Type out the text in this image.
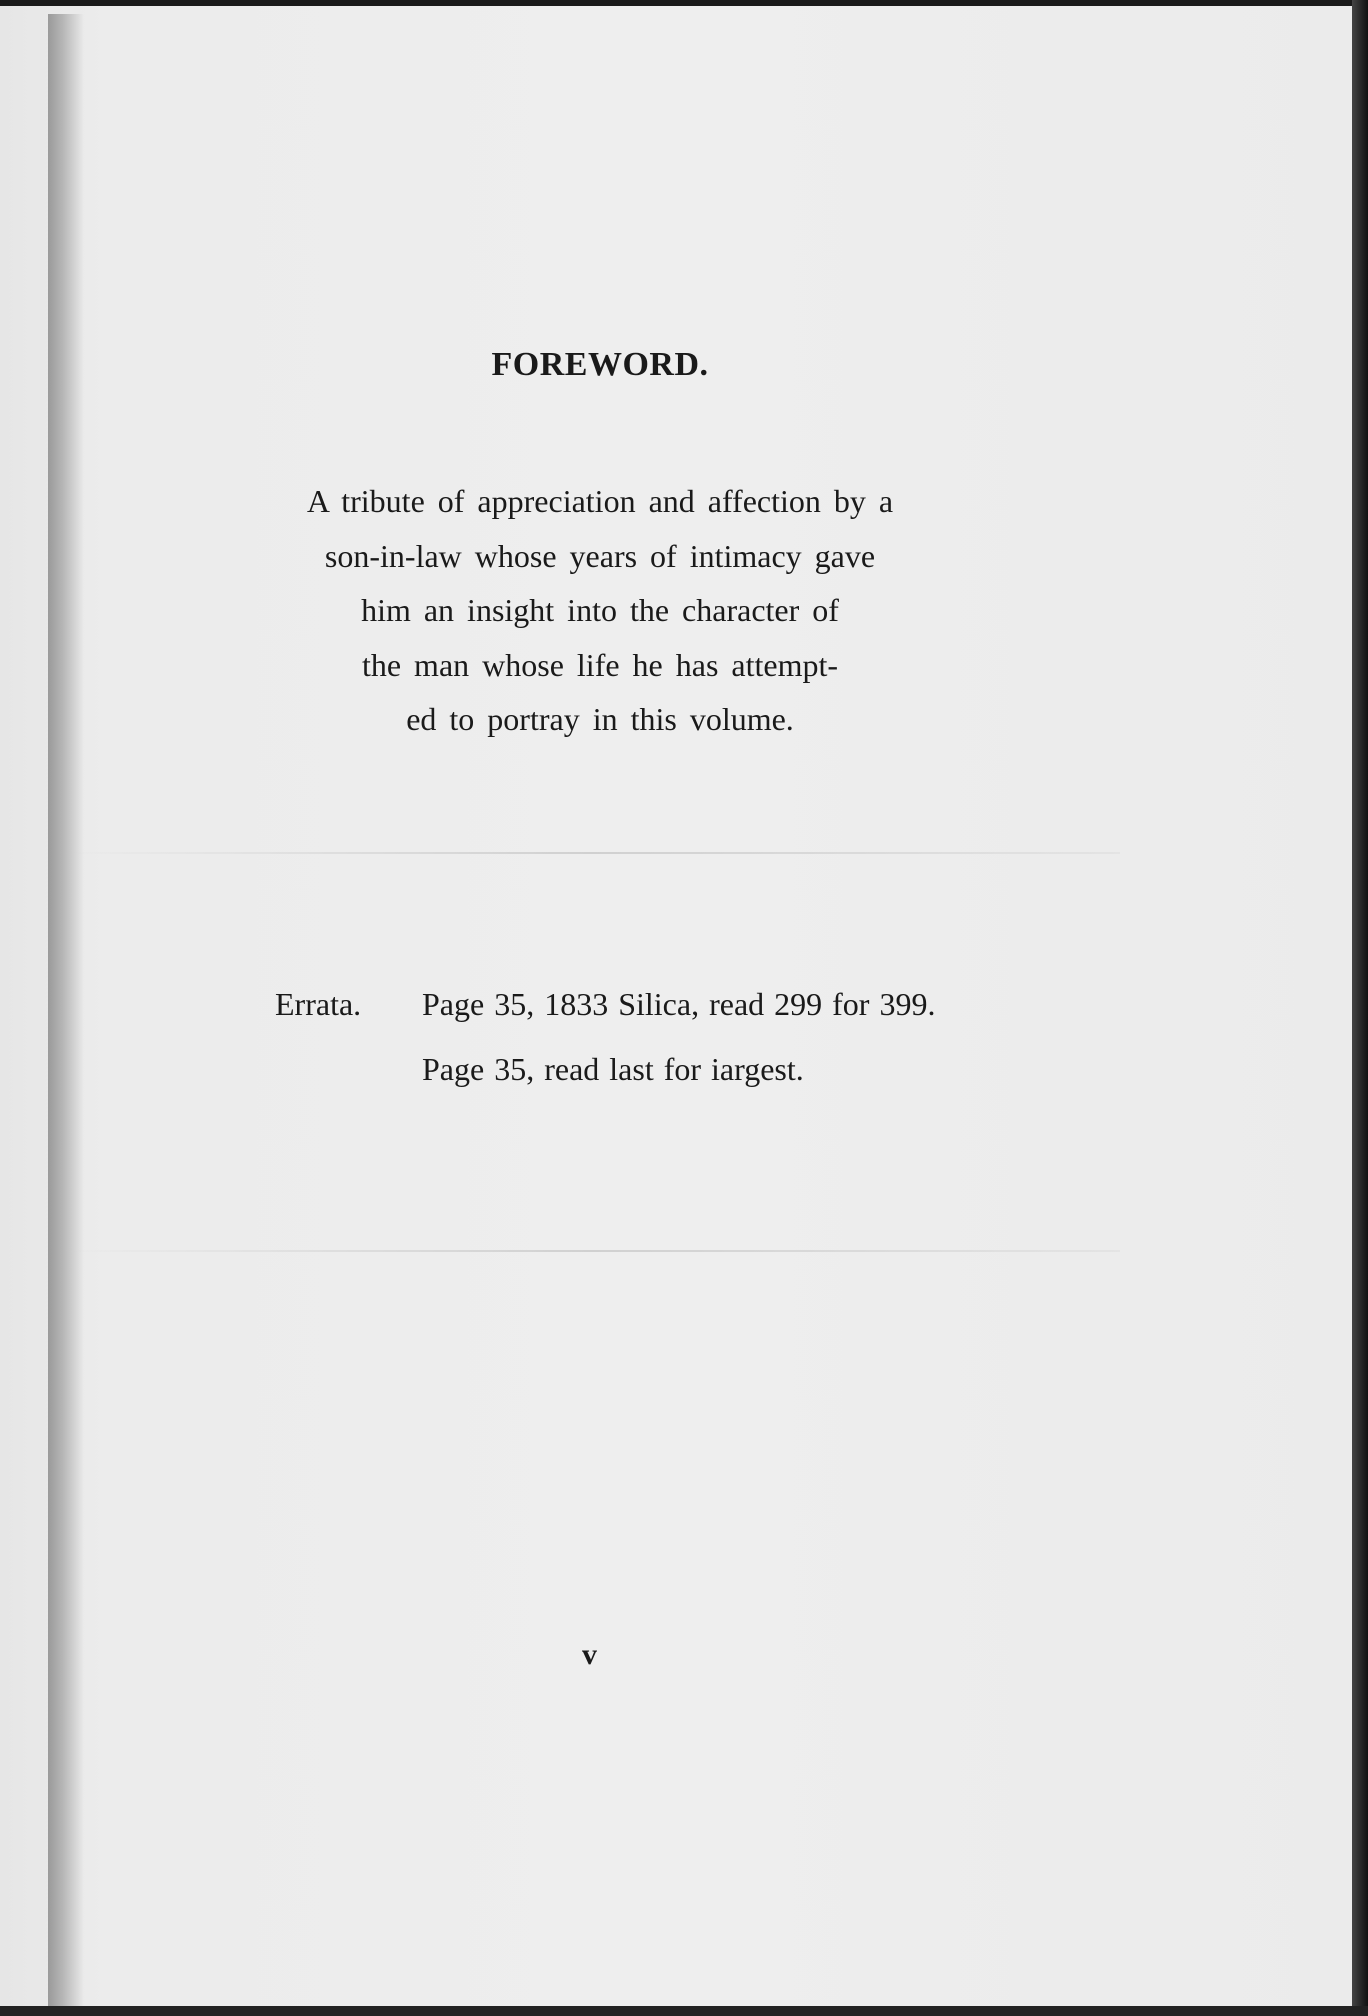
FOREWORD.
A tribute of appreciation and affection by a
son-in-law whose years of intimacy gave
him an insight into the character of
the man whose life he has attempt-
ed to portray in this volume.
Errata. Page 35, 1833 Silica, read 299 for 399.
Page 35, read last for iargest.
v
